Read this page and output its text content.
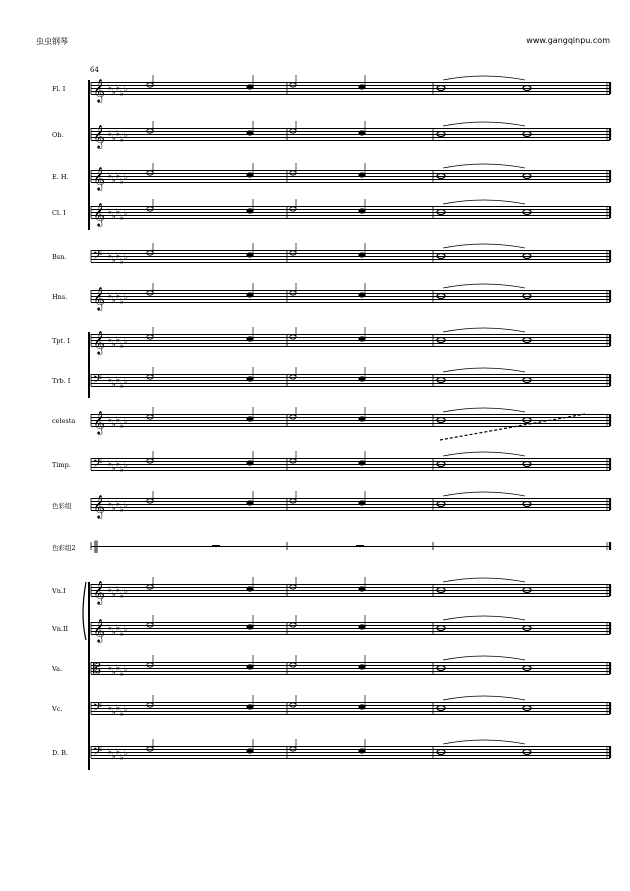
虫虫钢琴	www.gangqinpu.com
64
Fl. I
Ob.
E. H.
Cl. I
Bsn.
Hns.
Tpt. I
Trb. I
celesta
Timp.
色彩组
色彩组2
Vn.I
Vn.II
Va.
Vc.
D. B.
𝄞 ♭
♭
♭
♭
♭
𝄞 ♭
♭
♭
♭
♭
𝄞 ♭
♭
♭
♭
♭
𝄞 ♭
♭
♭
♭
♭
𝄢 ♭
♭
♭
♭
♭
𝄞 ♭
♭
♭
♭
♭
𝄞 ♭
♭
♭
♭
♭
𝄢 ♭
♭
♭
♭
♭
𝄞 ♭
♭
♭
♭
♭
𝄢 ♭
♭
♭
♭
♭
𝄞 ♭
♭
♭
♭
♭
‖
𝄞 ♭
♭
♭
♭
♭
𝄞 ♭
♭
♭
♭
♭
𝄡 ♭
♭
♭
♭
♭
𝄢 ♭
♭
♭
♭
♭
𝄢 ♭
♭
♭
♭
♭
